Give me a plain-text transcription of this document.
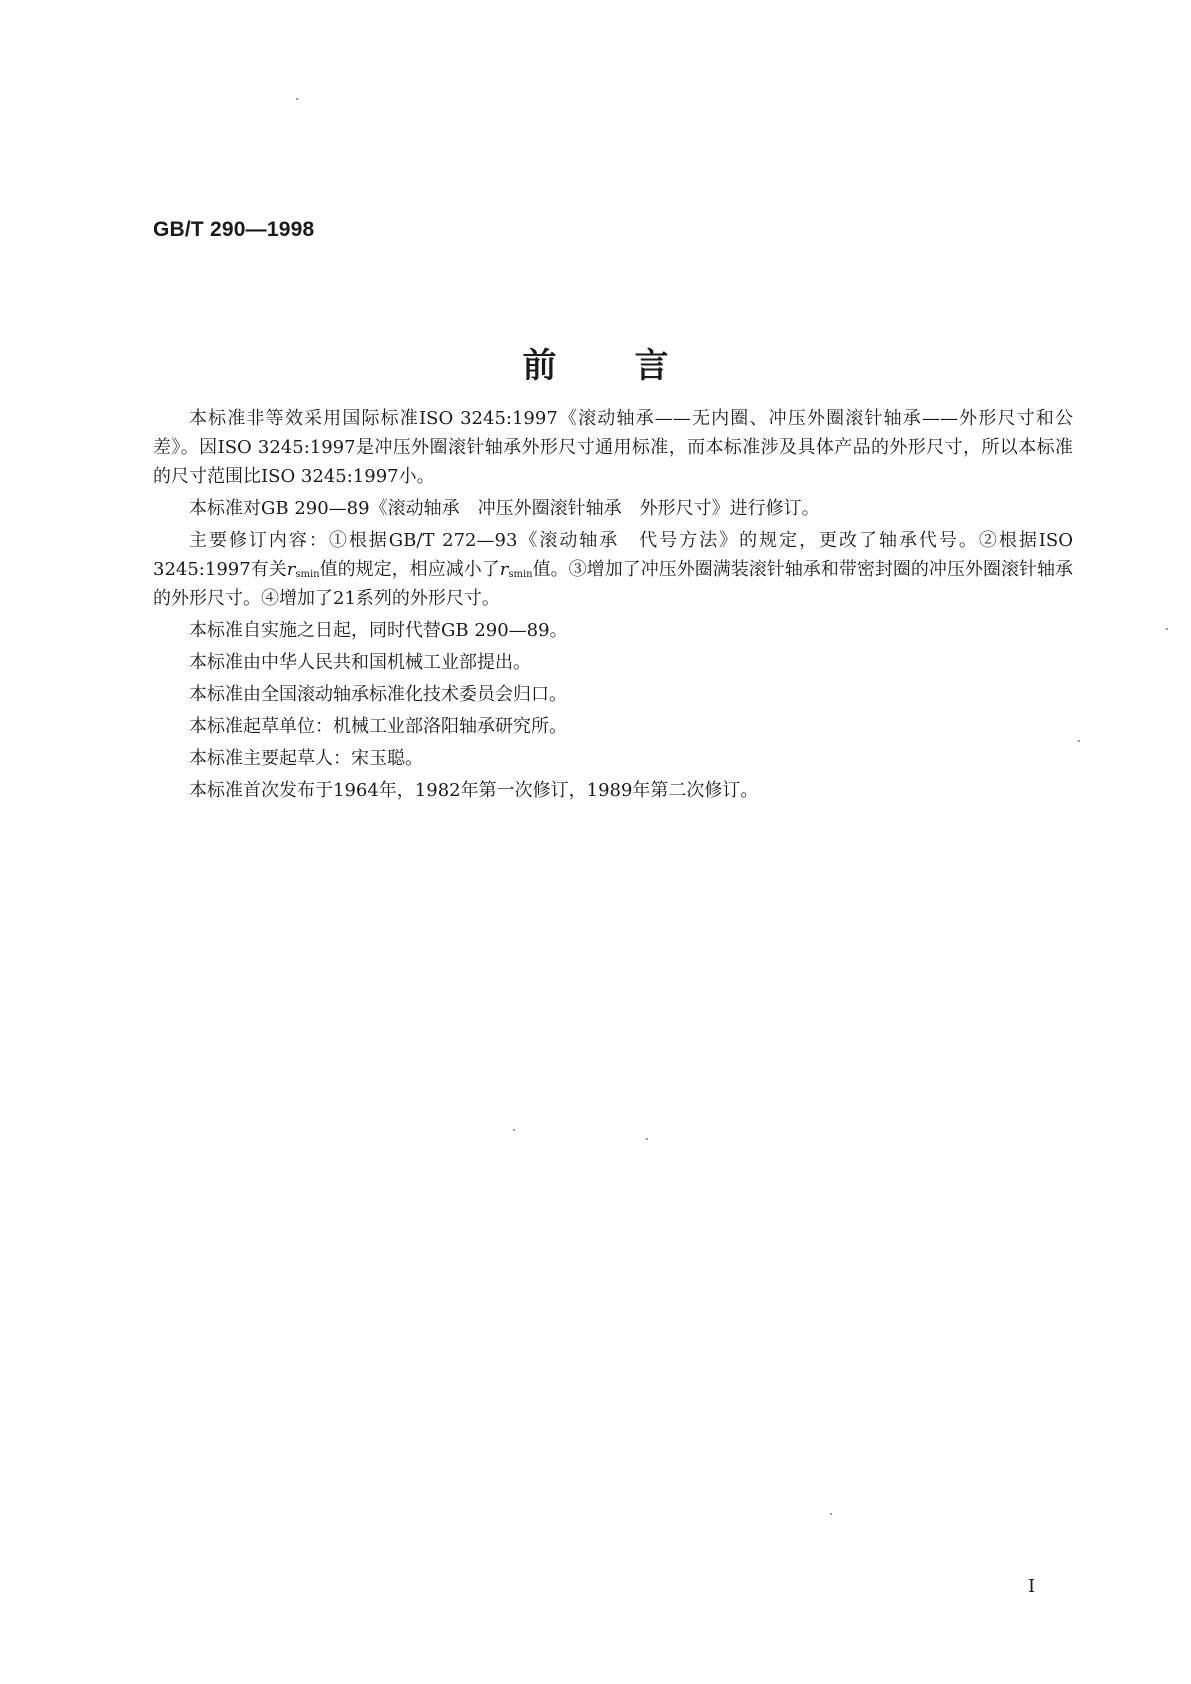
GB/T 290—1998
前 言

本标准非等效采用国际标准ISO 3245:1997《滚动轴承——无内圈、冲压外圈滚针轴承——外形尺寸和公差》。因ISO 3245:1997是冲压外圈滚针轴承外形尺寸通用标准，而本标准涉及具体产品的外形尺寸，所以本标准的尺寸范围比ISO 3245:1997小。

本标准对GB 290—89《滚动轴承 冲压外圈滚针轴承 外形尺寸》进行修订。

主要修订内容：①根据GB/T 272—93《滚动轴承 代号方法》的规定，更改了轴承代号。②根据ISO 3245:1997有关$r_{smin}$值的规定，相应减小了$r_{smin}$值。③增加了冲压外圈满装滚针轴承和带密封圈的冲压外圈滚针轴承的外形尺寸。④增加了21系列的外形尺寸。

本标准自实施之日起，同时代替GB 290—89。

本标准由中华人民共和国机械工业部提出。

本标准由全国滚动轴承标准化技术委员会归口。

本标准起草单位：机械工业部洛阳轴承研究所。

本标准主要起草人：宋玉聪。

本标准首次发布于1964年，1982年第一次修订，1989年第二次修订。

I
